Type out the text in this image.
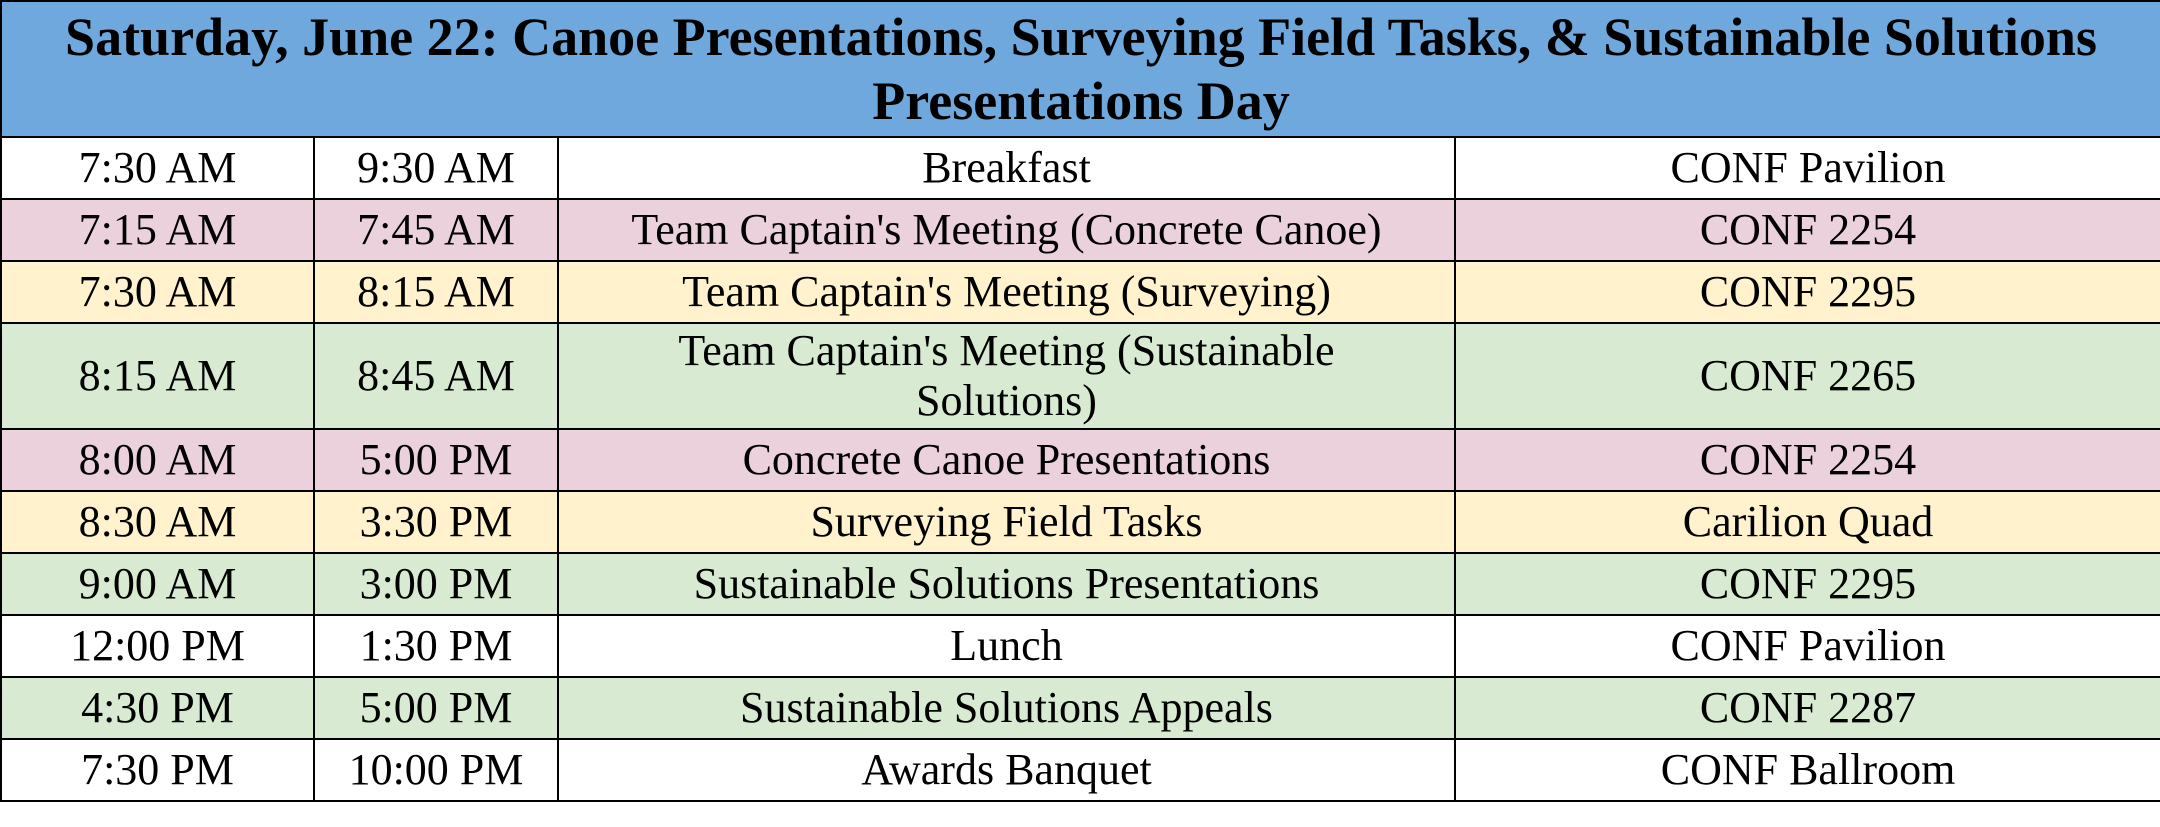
Saturday, June 22: Canoe Presentations, Surveying Field Tasks, & Sustainable Solutions Presentations Day			
7:30 AM	9:30 AM	Breakfast	CONF Pavilion
7:15 AM	7:45 AM	Team Captain's Meeting (Concrete Canoe)	CONF 2254
7:30 AM	8:15 AM	Team Captain's Meeting (Surveying)	CONF 2295
8:15 AM	8:45 AM	Team Captain's Meeting (Sustainable Solutions)	CONF 2265
8:00 AM	5:00 PM	Concrete Canoe Presentations	CONF 2254
8:30 AM	3:30 PM	Surveying Field Tasks	Carilion Quad
9:00 AM	3:00 PM	Sustainable Solutions Presentations	CONF 2295
12:00 PM	1:30 PM	Lunch	CONF Pavilion
4:30 PM	5:00 PM	Sustainable Solutions Appeals	CONF 2287
7:30 PM	10:00 PM	Awards Banquet	CONF Ballroom
